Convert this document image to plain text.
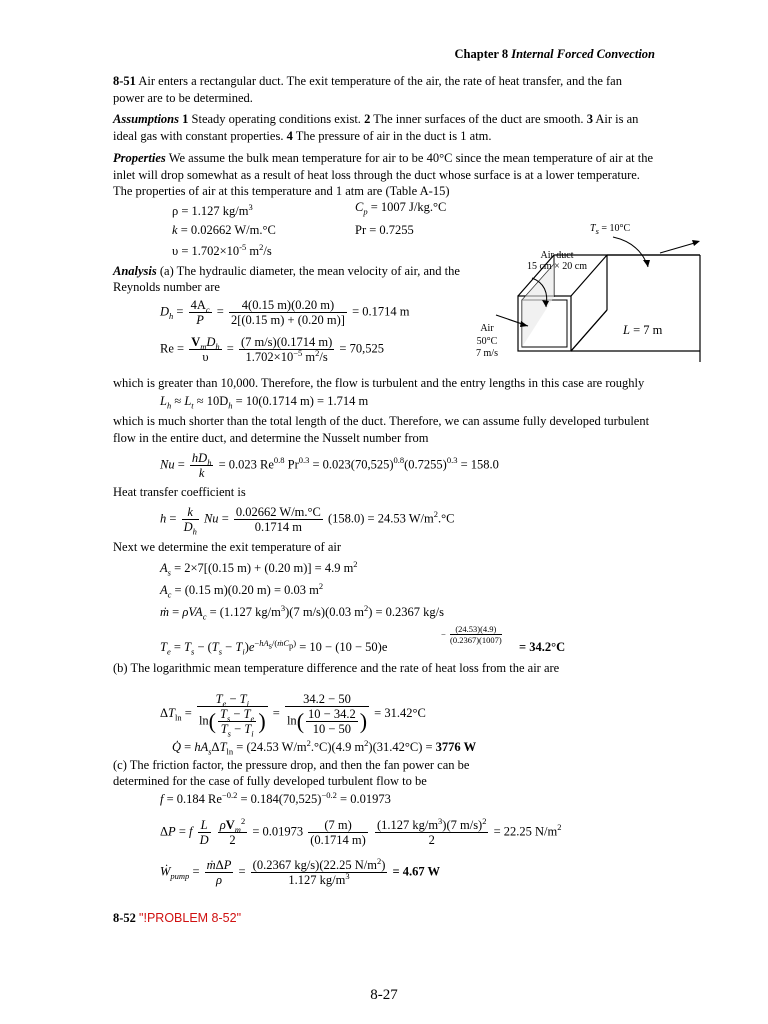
Chapter 8 Internal Forced Convection
8-51 Air enters a rectangular duct. The exit temperature of the air, the rate of heat transfer, and the fan power are to be determined.
Assumptions 1 Steady operating conditions exist. 2 The inner surfaces of the duct are smooth. 3 Air is an ideal gas with constant properties. 4 The pressure of air in the duct is 1 atm.
Properties We assume the bulk mean temperature for air to be 40°C since the mean temperature of air at the inlet will drop somewhat as a result of heat loss through the duct whose surface is at a lower temperature. The properties of air at this temperature and 1 atm are (Table A-15)
ρ = 1.127 $kg/m^3$	$C_p = 1007$ J/kg.°C
k = 0.02662 W/m.°C	Pr = 0.7255
$\upsilon = 1.702\times 10^{-5}$ $m^2/s$
Analysis (a) The hydraulic diameter, the mean velocity of air, and the Reynolds number are
$D_h = \frac{4A_c}{P} = \frac{4(0.15 m)(0.20 m)}{2[(0.15 m) + (0.20 m)]} = 0.1714$ m
$Re = \frac{V_mD_h}{\upsilon} = \frac{(7 m/s)(0.1714 m)}{1.702\times 10^{-5} m^2/s} = 70,525$
which is greater than 10,000. Therefore, the flow is turbulent and the entry lengths in this case are roughly
$L_h \approx L_t \approx 10D_h = 10(0.1714$ m) = 1.714 m
which is much shorter than the total length of the duct. Therefore, we can assume fully developed turbulent flow in the entire duct, and determine the Nusselt number from
$Nu = \frac{hD_h}{k} = 0.023$ $Re^{0.8}$ $Pr^{0.3} = 0.023(70,525)^{0.8}(0.7255)^{0.3} = 158.0$
Heat transfer coefficient is
$h = \frac{k}{D_h}$ $Nu = \frac{0.02662 W/m.^\circ C}{0.1714 m} (158.0) = 24.53$ $W/m^2.^\circ C$
Next we determine the exit temperature of air
$A_s = 2\times 7[(0.15$ m) + (0.20 m)] = 4.9 $m^2$
$A_c = (0.15$ m)(0.20 m) = 0.03 $m^2$
ṁ = ρVA$_c$ = (1.127 $kg/m^3)(7$ m/s)(0.03 $m^2) = 0.2367$ kg/s
$T_e = T_s - (T_s - T_i)e^{-hA_s/(ṁC_p)} = 10 - (10 - 50)e$
−	(24.53)(4.9)
(0.2367)(1007) = 34.2°C
(b) The logarithmic mean temperature difference and the rate of heat loss from the air are
$\Delta T_{ln} = \frac{T_e - T_i}{\ln( \frac{T_s - T_e}{T_s - T_i} )} = \frac{34.2 - 50}{\ln( \frac{10 - 34.2}{10 - 50} )} = 31.42^\circ C$
Q̇ = $hA_s\Delta T_{ln} = (24.53$ $W/m^2.^\circ C)(4.9$ $m^2)(31.42^\circ C) = 3776$ W
(c) The friction factor, the pressure drop, and then the fan power can be determined for the case of fully developed turbulent flow to be
f = 0.184 $Re^{-0.2} = 0.184(70,525)^{-0.2} = 0.01973$
ΔP = f $\frac{L}{D}$
$\frac{\rho V_m^2}{2} = 0.01973 \frac{(7 m)}{(0.1714 m)}$
$\frac{(1.127 kg/m^3)(7 m/s)^2}{2} = 22.25$ $N/m^2$
Ẇ$_{pump}$ = $\frac{\text{ṁΔP}}{\rho} = \frac{(0.2367 kg/s)(22.25 N/m^2)}{1.127 kg/m^3} = 4.67$ W
8-52 "!PROBLEM 8-52"
$T_s = 10^\circ C$
Air duct
15 cm × 20 cm
Air
50°C
7 m/s
L = 7 m
8-27
